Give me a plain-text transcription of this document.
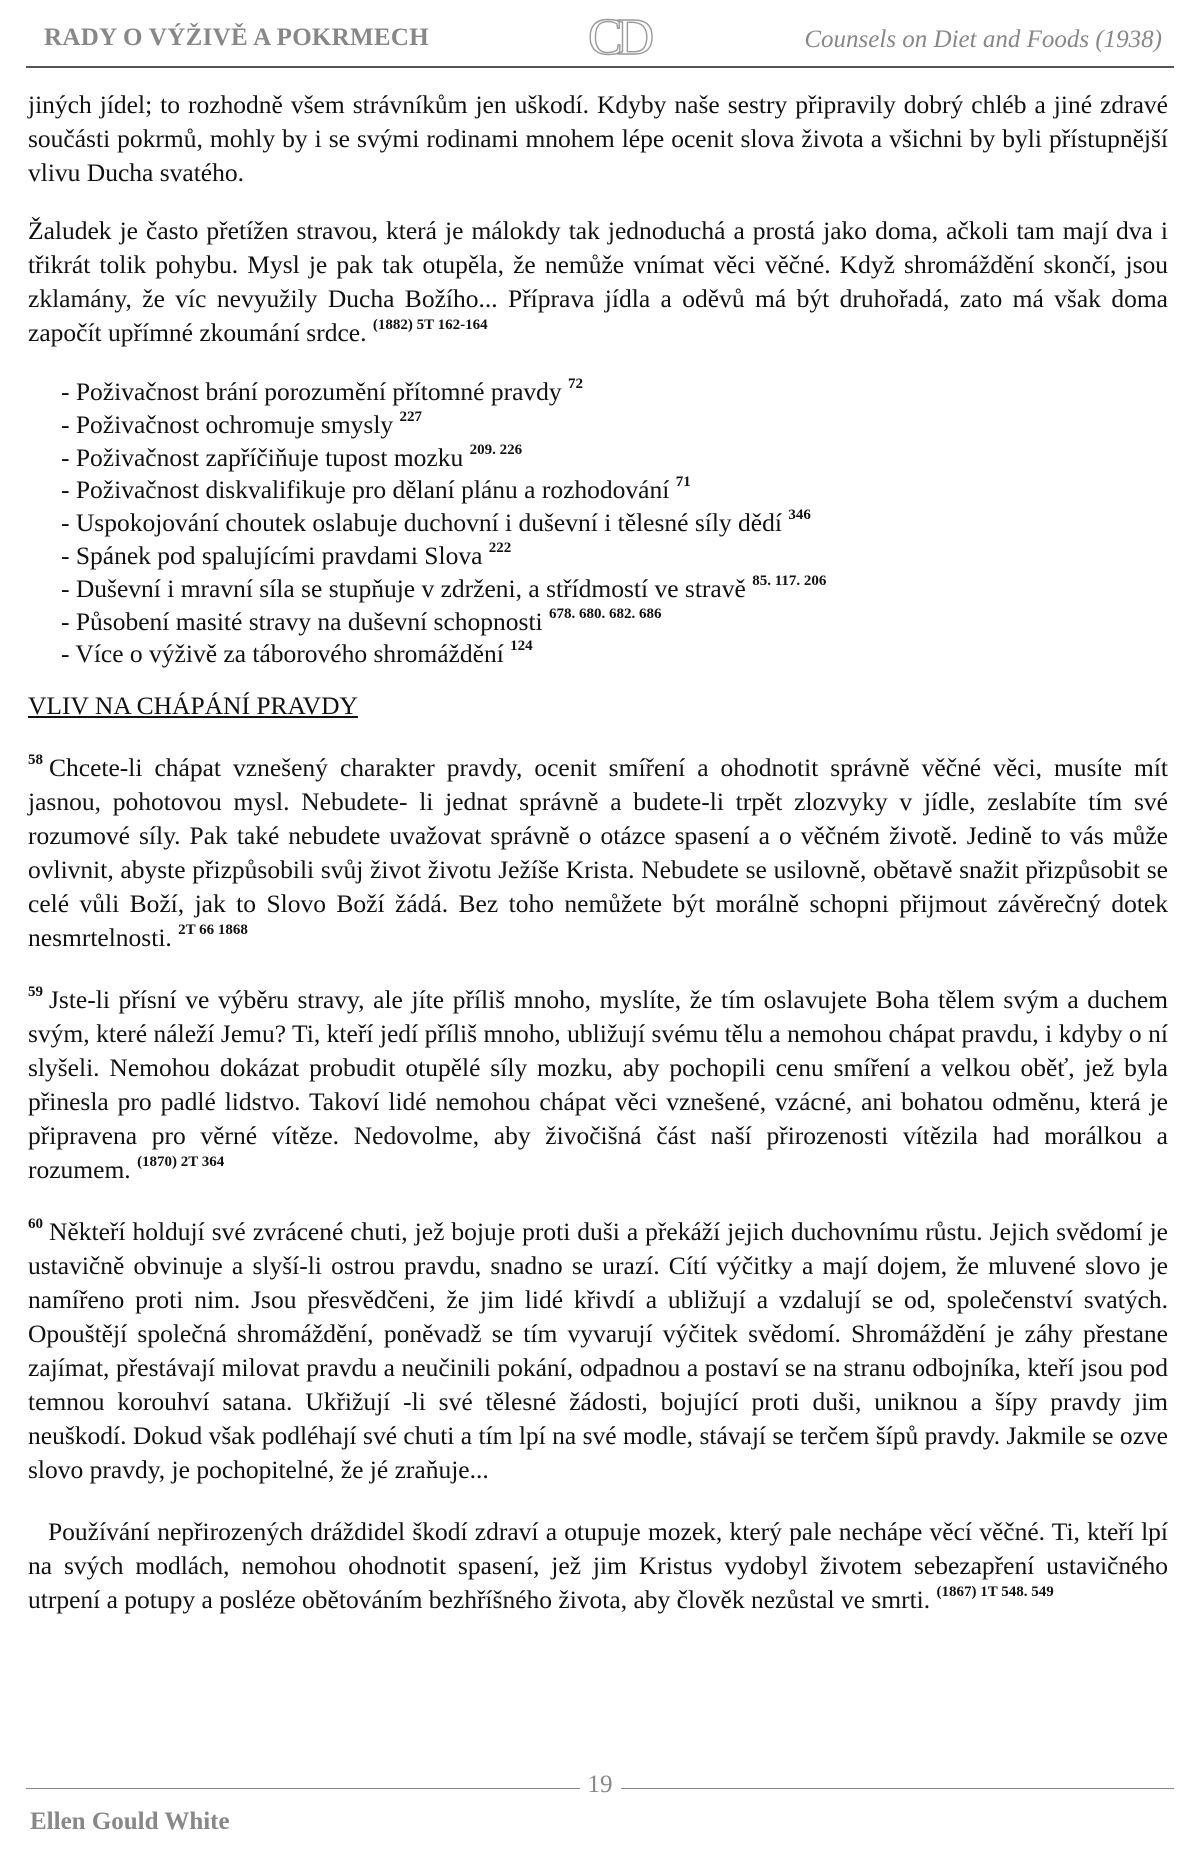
RADY O VÝŽIVĚ A POKRMECH	CD	Counsels on Diet and Foods (1938)

jiných jídel; to rozhodně všem strávníkům jen uškodí. Kdyby naše sestry připravily dobrý chléb a jiné zdravé součásti pokrmů, mohly by i se svými rodinami mnohem lépe ocenit slova života a všichni by byli přístupnější vlivu Ducha svatého.

Žaludek je často přetížen stravou, která je málokdy tak jednoduchá a prostá jako doma, ačkoli tam mají dva i třikrát tolik pohybu. Mysl je pak tak otupěla, že nemůže vnímat věci věčné. Když shromáždění skončí, jsou zklamány, že víc nevyužily Ducha Božího... Příprava jídla a oděvů má být druhořadá, zato má však doma započít upřímné zkoumání srdce. $^{(1882) 5T 162-164}$

- Poživačnost brání porozumění přítomné pravdy $^{72}$
- Poživačnost ochromuje smysly $^{227}$
- Poživačnost zapříčiňuje tupost mozku $^{209. 226}$
- Poživačnost diskvalifikuje pro dělaní plánu a rozhodování $^{71}$
- Uspokojování choutek oslabuje duchovní i duševní i tělesné síly dědí $^{346}$
- Spánek pod spalujícími pravdami Slova $^{222}$
- Duševní i mravní síla se stupňuje v zdrženi, a střídmostí ve stravě $^{85. 117. 206}$
- Působení masité stravy na duševní schopnosti $^{678. 680. 682. 686}$
- Více o výživě za táborového shromáždění $^{124}$
VLIV NA CHÁPÁNÍ PRAVDY

$^{58}$ Chcete-li chápat vznešený charakter pravdy, ocenit smíření a ohodnotit správně věčné věci, musíte mít jasnou, pohotovou mysl. Nebudete- li jednat správně a budete-li trpět zlozvyky v jídle, zeslabíte tím své rozumové síly. Pak také nebudete uvažovat správně o otázce spasení a o věčném životě. Jedině to vás může ovlivnit, abyste přizpůsobili svůj život životu Ježíše Krista. Nebudete se usilovně, obětavě snažit přizpůsobit se celé vůli Boží, jak to Slovo Boží žádá. Bez toho nemůžete být morálně schopni přijmout závěrečný dotek nesmrtelnosti. $^{2T 66 1868}$

$^{59}$ Jste-li přísní ve výběru stravy, ale jíte příliš mnoho, myslíte, že tím oslavujete Boha tělem svým a duchem svým, které náleží Jemu? Ti, kteří jedí příliš mnoho, ubližují svému tělu a nemohou chápat pravdu, i kdyby o ní slyšeli. Nemohou dokázat probudit otupělé síly mozku, aby pochopili cenu smíření a velkou oběť, jež byla přinesla pro padlé lidstvo. Takoví lidé nemohou chápat věci vznešené, vzácné, ani bohatou odměnu, která je připravena pro věrné vítěze. Nedovolme, aby živočišná část naší přirozenosti vítězila had morálkou a rozumem. $^{(1870) 2T 364}$

$^{60}$ Někteří holdují své zvrácené chuti, jež bojuje proti duši a překáží jejich duchovnímu růstu. Jejich svědomí je ustavičně obvinuje a slyší-li ostrou pravdu, snadno se urazí. Cítí výčitky a mají dojem, že mluvené slovo je namířeno proti nim. Jsou přesvědčeni, že jim lidé křivdí a ubližují a vzdalují se od, společenství svatých. Opouštějí společná shromáždění, poněvadž se tím vyvarují výčitek svědomí. Shromáždění je záhy přestane zajímat, přestávají milovat pravdu a neučinili pokání, odpadnou a postaví se na stranu odbojníka, kteří jsou pod temnou korouhví satana. Ukřižují -li své tělesné žádosti, bojující proti duši, uniknou a šípy pravdy jim neuškodí. Dokud však podléhají své chuti a tím lpí na své modle, stávají se terčem šípů pravdy. Jakmile se ozve slovo pravdy, je pochopitelné, že jé zraňuje...

Používání nepřirozených dráždidel škodí zdraví a otupuje mozek, který pale nechápe věcí věčné. Ti, kteří lpí na svých modlách, nemohou ohodnotit spasení, jež jim Kristus vydobyl životem sebezapření ustavičného utrpení a potupy a posléze obětováním bezhříšného života, aby člověk nezůstal ve smrti. $^{(1867) 1T 548. 549}$

19
Ellen Gould White
